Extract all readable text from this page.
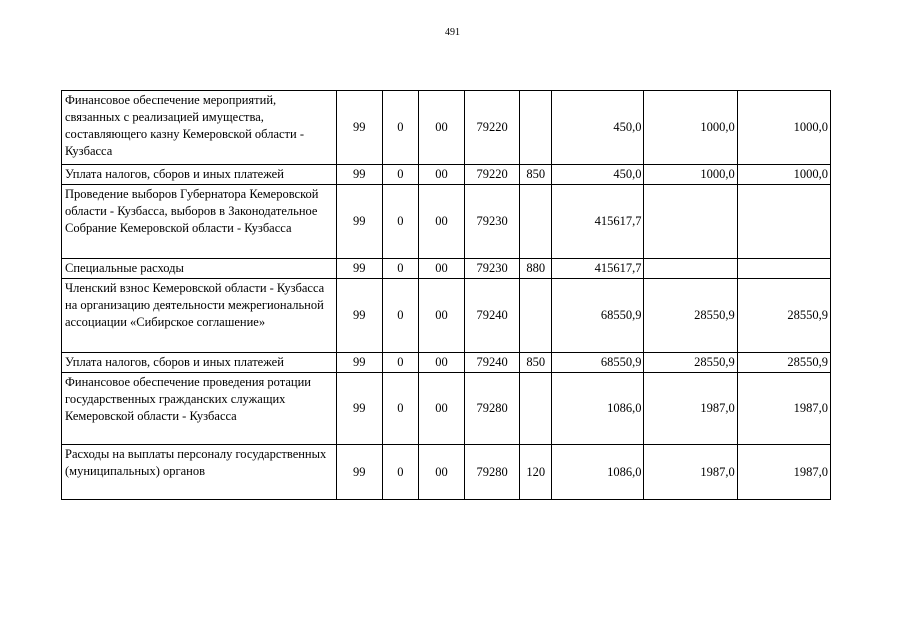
491
Финансовое обеспечение мероприятий, связанных с реализацией имущества, составляющего казну Кемеровской области - Кузбасса	99	0	00	79220		450,0	1000,0	1000,0
Уплата налогов, сборов и иных платежей	99	0	00	79220	850	450,0	1000,0	1000,0
Проведение выборов Губернатора Кемеровской области - Кузбасса, выборов в Законодательное Собрание Кемеровской области - Кузбасса	99	0	00	79230		415617,7		
Специальные расходы	99	0	00	79230	880	415617,7		
Членский взнос Кемеровской области - Кузбасса на организацию деятельности межрегиональной ассоциации «Сибирское соглашение»	99	0	00	79240		68550,9	28550,9	28550,9
Уплата налогов, сборов и иных платежей	99	0	00	79240	850	68550,9	28550,9	28550,9
Финансовое обеспечение проведения ротации государственных гражданских служащих Кемеровской области - Кузбасса	99	0	00	79280		1086,0	1987,0	1987,0
Расходы на выплаты персоналу государственных (муниципальных) органов	99	0	00	79280	120	1086,0	1987,0	1987,0
